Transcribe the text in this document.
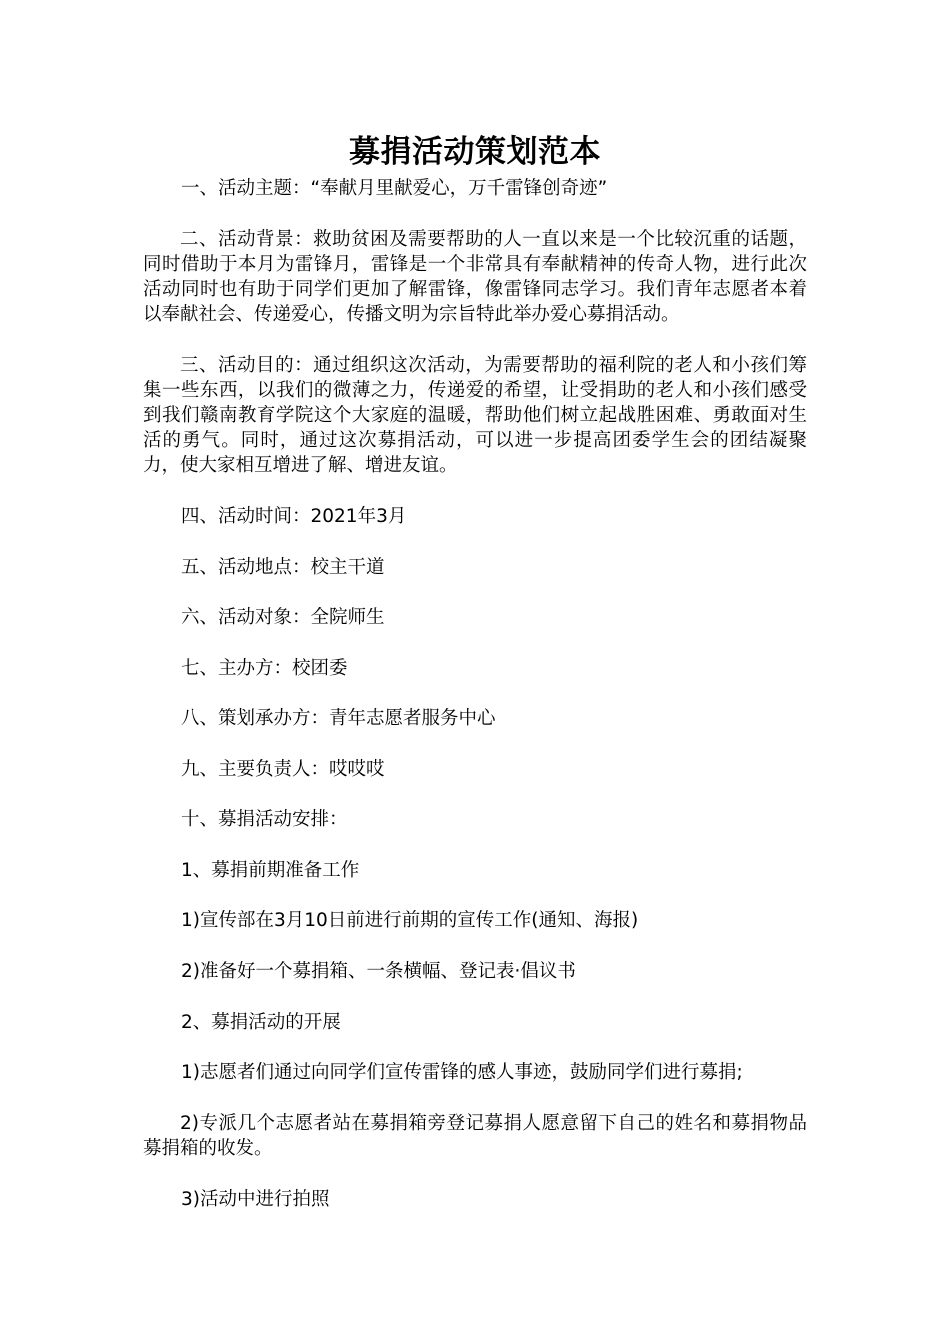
募捐活动策划范本
一、活动主题：“奉献月里献爱心，万千雷锋创奇迹”
二、活动背景：救助贫困及需要帮助的人一直以来是一个比较沉重的话题，同时借助于本月为雷锋月，雷锋是一个非常具有奉献精神的传奇人物，进行此次活动同时也有助于同学们更加了解雷锋，像雷锋同志学习。我们青年志愿者本着以奉献社会、传递爱心，传播文明为宗旨特此举办爱心募捐活动。
三、活动目的：通过组织这次活动，为需要帮助的福利院的老人和小孩们筹集一些东西，以我们的微薄之力，传递爱的希望，让受捐助的老人和小孩们感受到我们赣南教育学院这个大家庭的温暖，帮助他们树立起战胜困难、勇敢面对生活的勇气。同时，通过这次募捐活动，可以进一步提高团委学生会的团结凝聚力，使大家相互增进了解、增进友谊。
四、活动时间：2021年3月
五、活动地点：校主干道
六、活动对象：全院师生
七、主办方：校团委
八、策划承办方：青年志愿者服务中心
九、主要负责人：哎哎哎
十、募捐活动安排：
1、募捐前期准备工作
1)宣传部在3月10日前进行前期的宣传工作(通知、海报)
2)准备好一个募捐箱、一条横幅、登记表·倡议书
2、募捐活动的开展
1)志愿者们通过向同学们宣传雷锋的感人事迹，鼓励同学们进行募捐;
2)专派几个志愿者站在募捐箱旁登记募捐人愿意留下自己的姓名和募捐物品募捐箱的收发。
3)活动中进行拍照
